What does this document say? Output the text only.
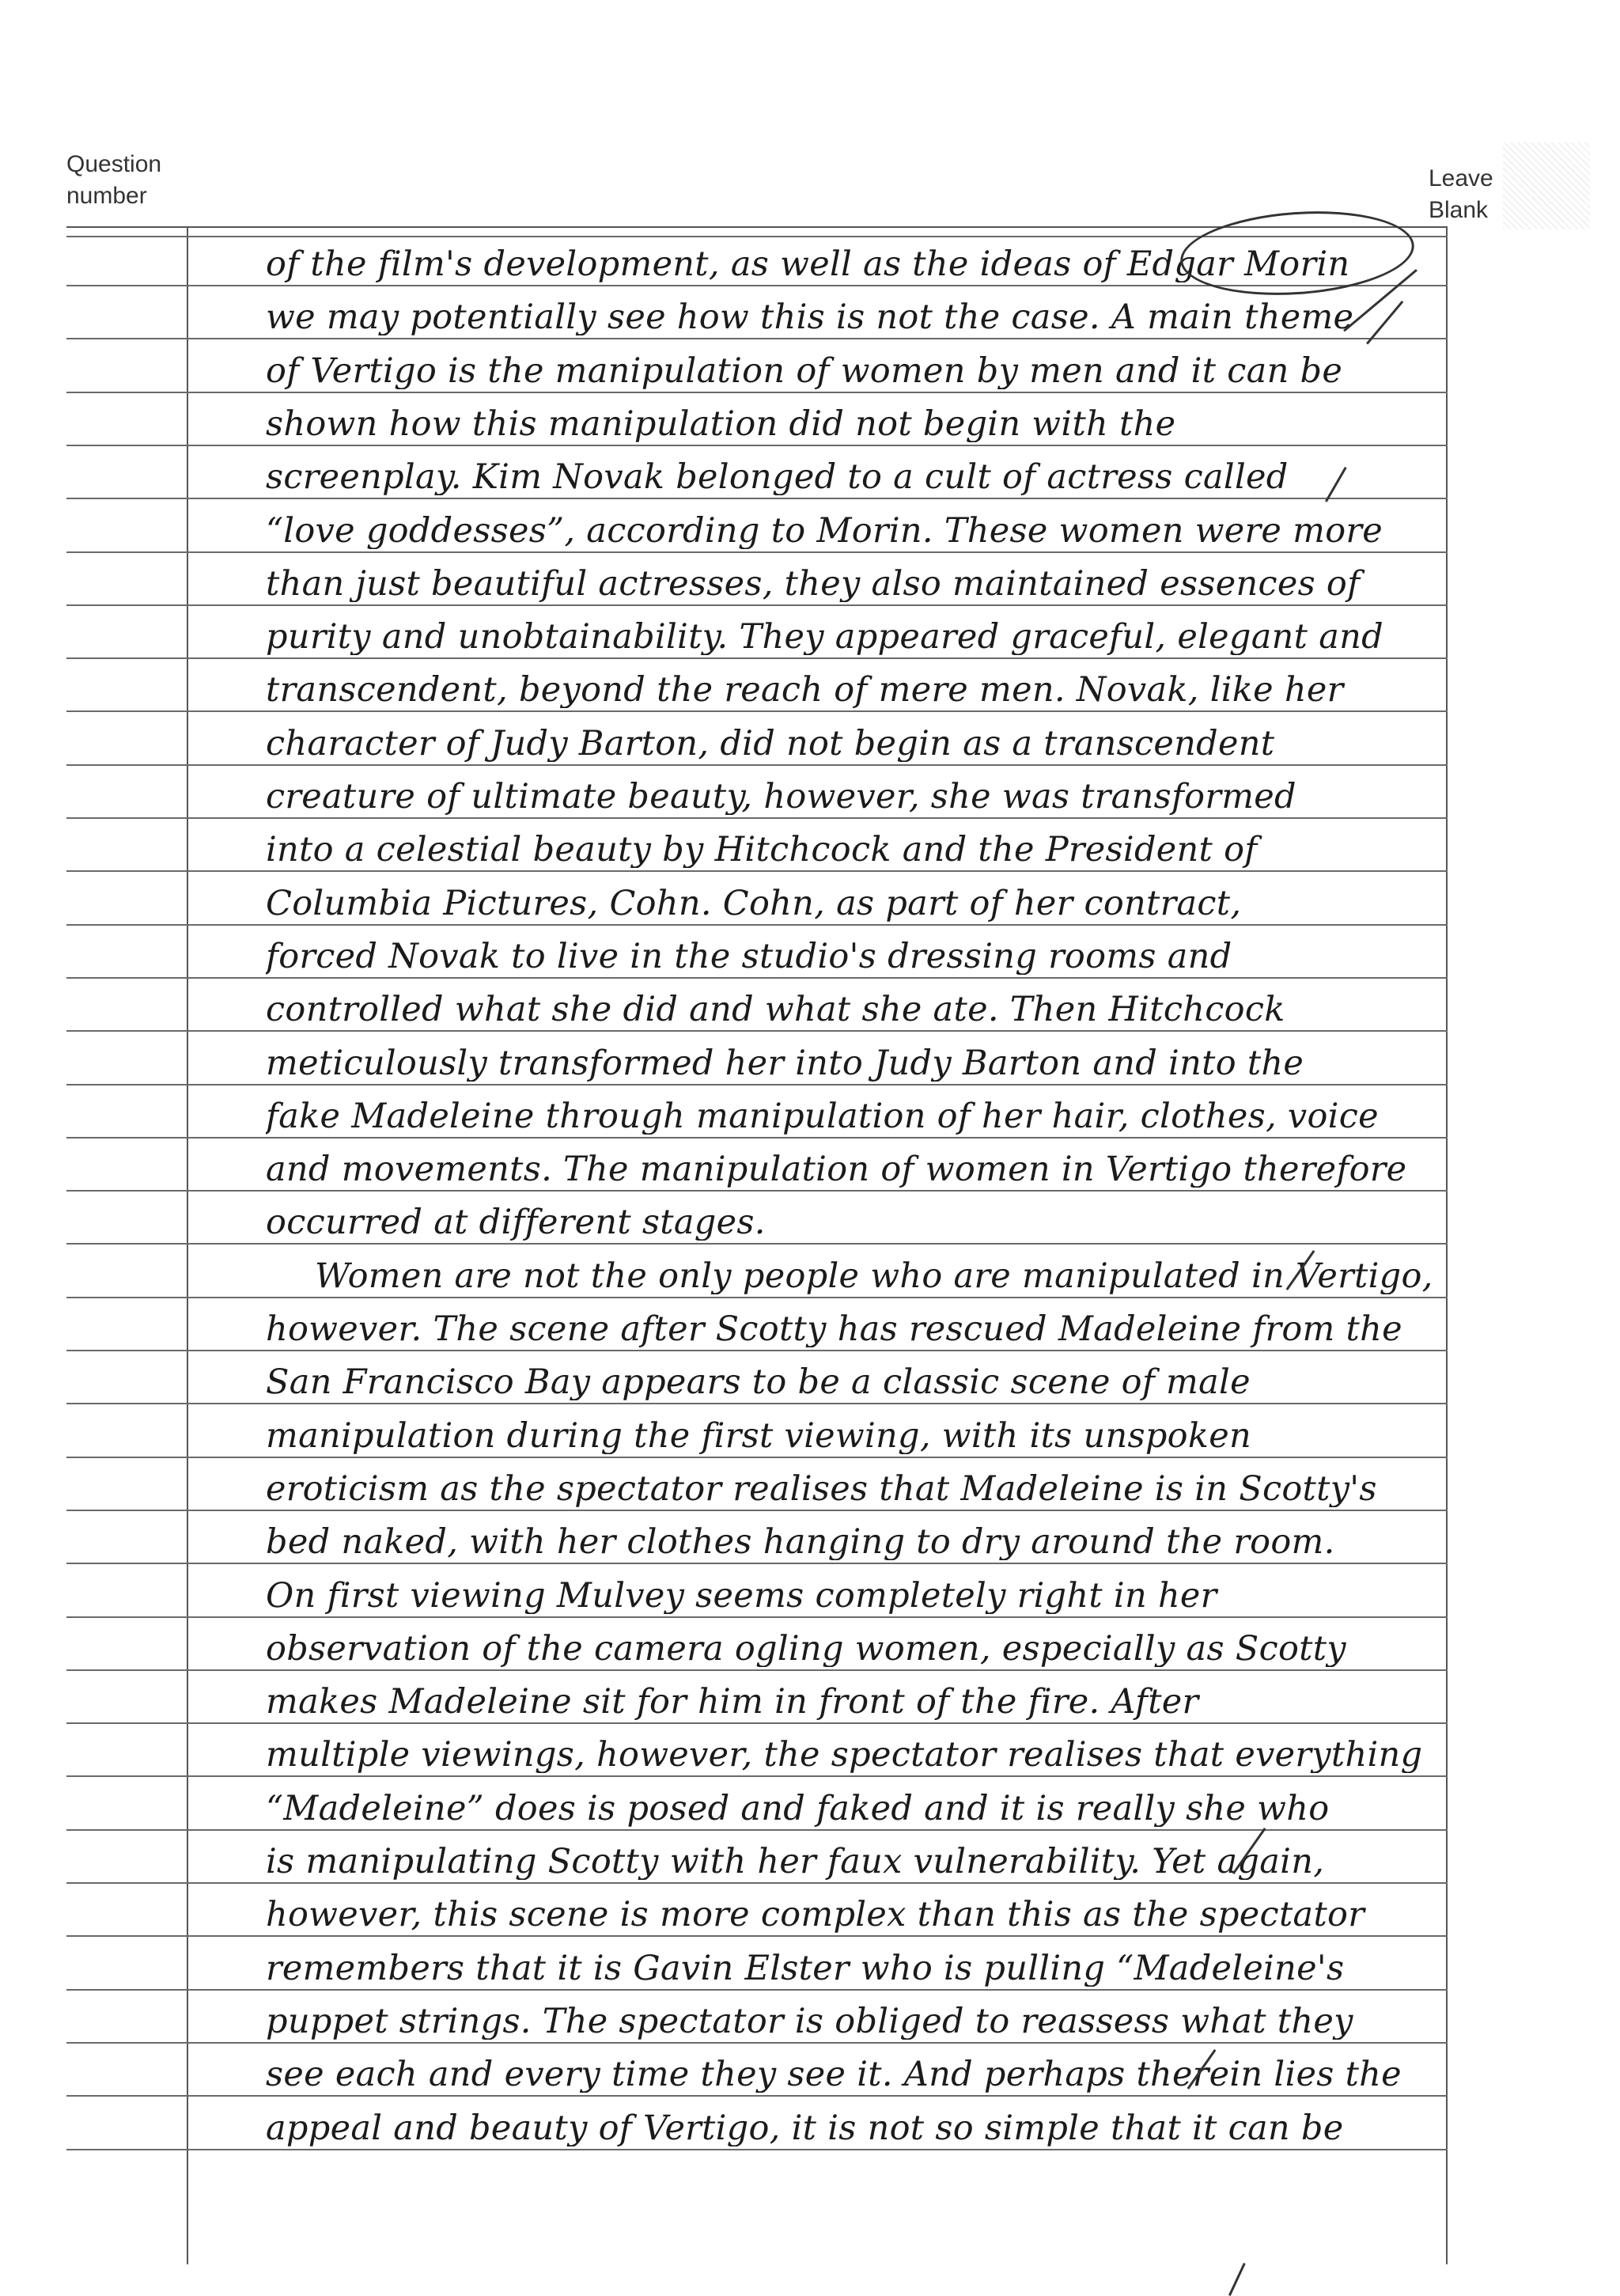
Question number
Leave Blank
of the film's development, as well as the ideas of Edgar Morin
we may potentially see how this is not the case. A main theme
of Vertigo is the manipulation of women by men and it can be
shown how this manipulation did not begin with the
screenplay. Kim Novak belonged to a cult of actress called
“love goddesses”, according to Morin. These women were more
than just beautiful actresses, they also maintained essences of
purity and unobtainability. They appeared graceful, elegant and
transcendent, beyond the reach of mere men. Novak, like her
character of Judy Barton, did not begin as a transcendent
creature of ultimate beauty, however, she was transformed
into a celestial beauty by Hitchcock and the President of
Columbia Pictures, Cohn. Cohn, as part of her contract,
forced Novak to live in the studio's dressing rooms and
controlled what she did and what she ate. Then Hitchcock
meticulously transformed her into Judy Barton and into the
fake Madeleine through manipulation of her hair, clothes, voice
and movements. The manipulation of women in Vertigo therefore
occurred at different stages.
Women are not the only people who are manipulated in Vertigo,
however. The scene after Scotty has rescued Madeleine from the
San Francisco Bay appears to be a classic scene of male
manipulation during the first viewing, with its unspoken
eroticism as the spectator realises that Madeleine is in Scotty's
bed naked, with her clothes hanging to dry around the room.
On first viewing Mulvey seems completely right in her
observation of the camera ogling women, especially as Scotty
makes Madeleine sit for him in front of the fire. After
multiple viewings, however, the spectator realises that everything
“Madeleine” does is posed and faked and it is really she who
is manipulating Scotty with her faux vulnerability. Yet again,
however, this scene is more complex than this as the spectator
remembers that it is Gavin Elster who is pulling “Madeleine's
puppet strings. The spectator is obliged to reassess what they
see each and every time they see it. And perhaps therein lies the
appeal and beauty of Vertigo, it is not so simple that it can be
